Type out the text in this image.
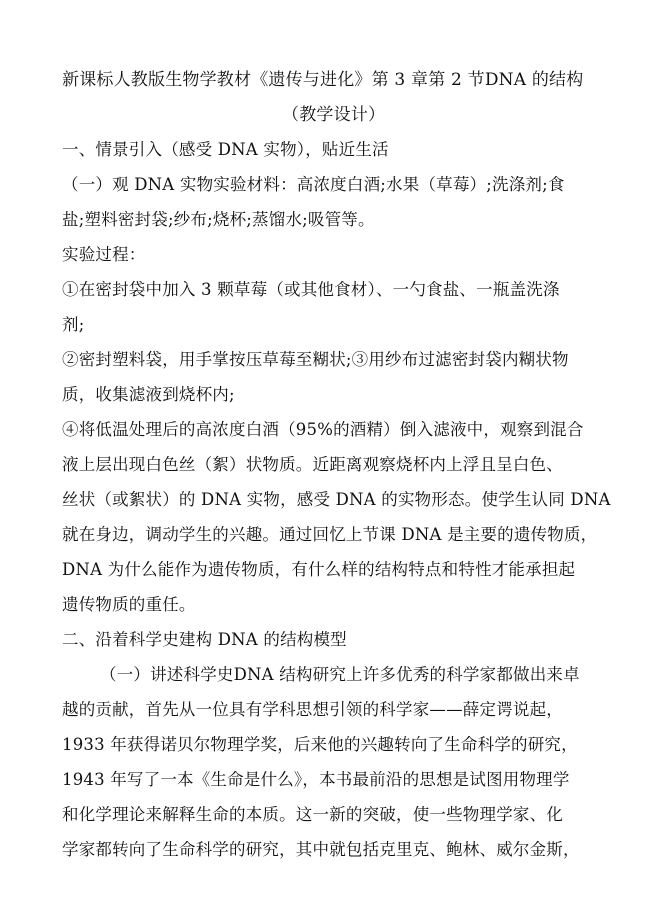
新课标人教版生物学教材《遗传与进化》第 3 章第 2 节DNA 的结构
（教学设计）
一、情景引入（感受 DNA 实物），贴近生活
（一）观 DNA 实物实验材料：高浓度白酒;水果（草莓）;洗涤剂;食
盐;塑料密封袋;纱布;烧杯;蒸馏水;吸管等。
实验过程：
①在密封袋中加入 3 颗草莓（或其他食材）、一勺食盐、一瓶盖洗涤
剂;
②密封塑料袋，用手掌按压草莓至糊状;③用纱布过滤密封袋内糊状物
质，收集滤液到烧杯内;
④将低温处理后的高浓度白酒（95%的酒精）倒入滤液中，观察到混合
液上层出现白色丝（絮）状物质。近距离观察烧杯内上浮且呈白色、
丝状（或絮状）的 DNA 实物，感受 DNA 的实物形态。使学生认同 DNA
就在身边，调动学生的兴趣。通过回忆上节课 DNA 是主要的遗传物质，
DNA 为什么能作为遗传物质，有什么样的结构特点和特性才能承担起
遗传物质的重任。
二、沿着科学史建构 DNA 的结构模型
（一）讲述科学史DNA 结构研究上许多优秀的科学家都做出来卓
越的贡献，首先从一位具有学科思想引领的科学家——薛定谔说起，
1933 年获得诺贝尔物理学奖，后来他的兴趣转向了生命科学的研究，
1943 年写了一本《生命是什么》，本书最前沿的思想是试图用物理学
和化学理论来解释生命的本质。这一新的突破，使一些物理学家、化
学家都转向了生命科学的研究，其中就包括克里克、鲍林、威尔金斯，
